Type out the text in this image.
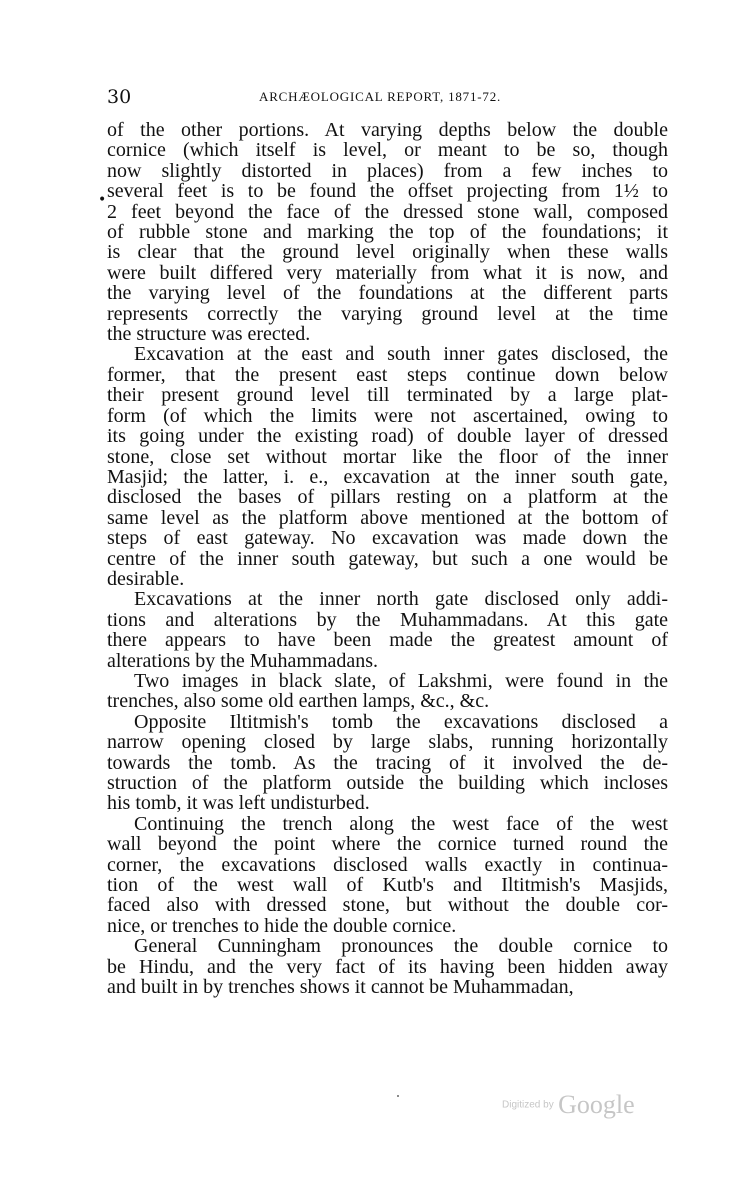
30	ARCHÆOLOGICAL REPORT, 1871-72.
•
of the other portions. At varying depths below the double
cornice (which itself is level, or meant to be so, though
now slightly distorted in places) from a few inches to
several feet is to be found the offset projecting from 1½ to
2 feet beyond the face of the dressed stone wall, composed
of rubble stone and marking the top of the foundations; it
is clear that the ground level originally when these walls
were built differed very materially from what it is now, and
the varying level of the foundations at the different parts
represents correctly the varying ground level at the time
the structure was erected.
Excavation at the east and south inner gates disclosed, the
former, that the present east steps continue down below
their present ground level till terminated by a large plat-
form (of which the limits were not ascertained, owing to
its going under the existing road) of double layer of dressed
stone, close set without mortar like the floor of the inner
Masjid; the latter, i. e., excavation at the inner south gate,
disclosed the bases of pillars resting on a platform at the
same level as the platform above mentioned at the bottom of
steps of east gateway. No excavation was made down the
centre of the inner south gateway, but such a one would be
desirable.
Excavations at the inner north gate disclosed only addi-
tions and alterations by the Muhammadans. At this gate
there appears to have been made the greatest amount of
alterations by the Muhammadans.
Two images in black slate, of Lakshmi, were found in the
trenches, also some old earthen lamps, &c., &c.
Opposite Iltitmish's tomb the excavations disclosed a
narrow opening closed by large slabs, running horizontally
towards the tomb. As the tracing of it involved the de-
struction of the platform outside the building which incloses
his tomb, it was left undisturbed.
Continuing the trench along the west face of the west
wall beyond the point where the cornice turned round the
corner, the excavations disclosed walls exactly in continua-
tion of the west wall of Kutb's and Iltitmish's Masjids,
faced also with dressed stone, but without the double cor-
nice, or trenches to hide the double cornice.
General Cunningham pronounces the double cornice to
be Hindu, and the very fact of its having been hidden away
and built in by trenches shows it cannot be Muhammadan,
Digitized by Google
